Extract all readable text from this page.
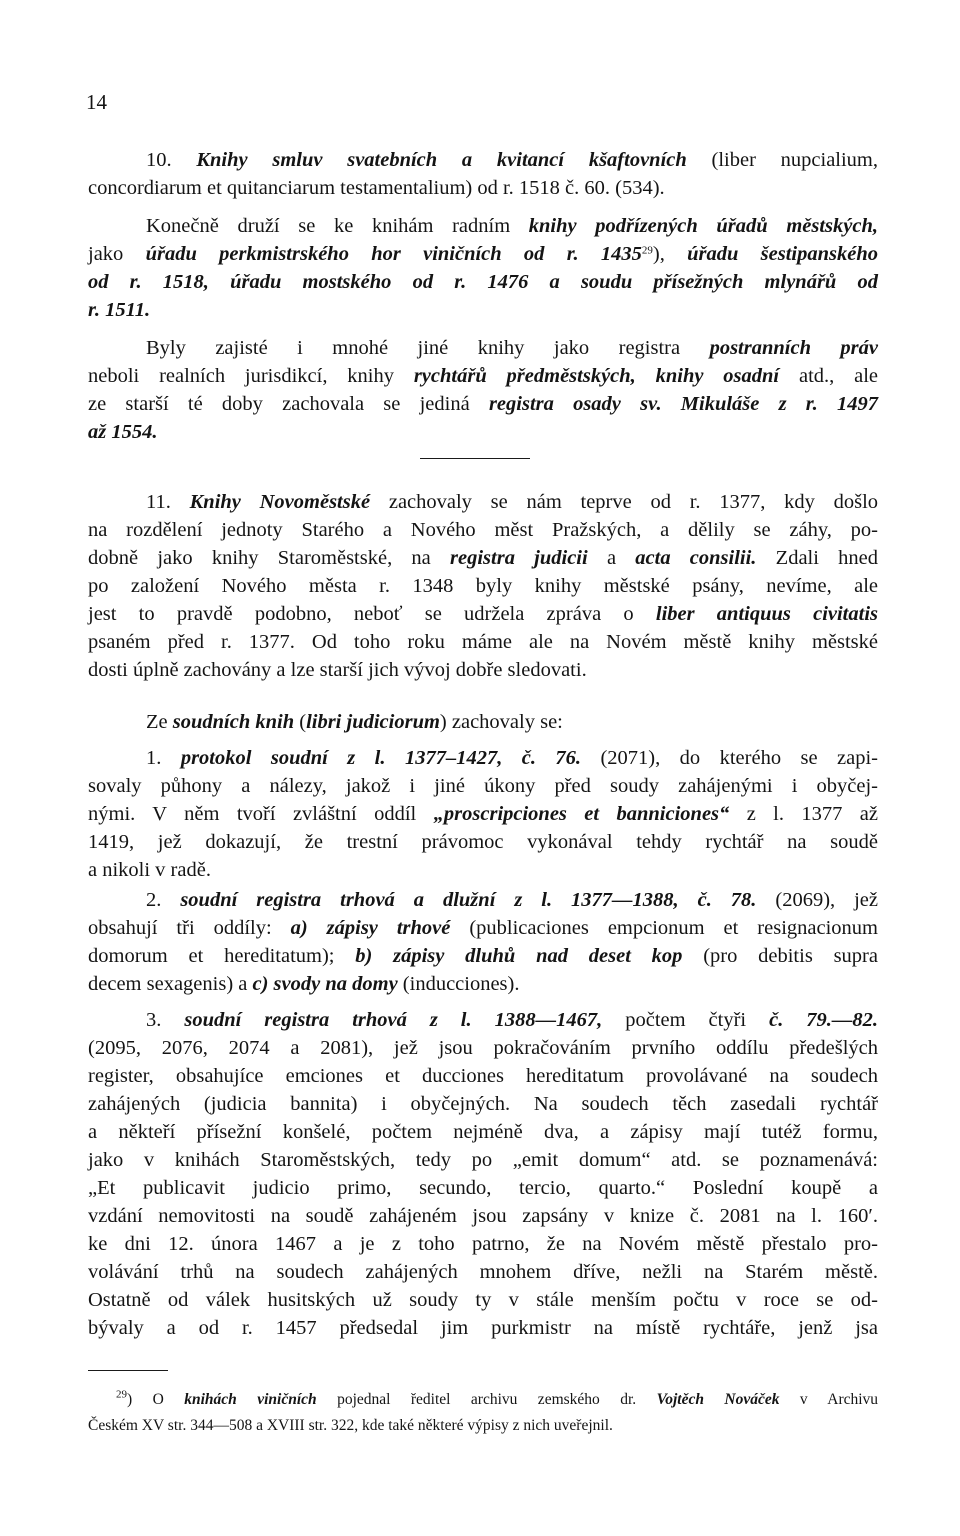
14
10. Knihy smluv svatebních a kvitancí kšaftovních (liber nupcialium,
concordiarum et quitanciarum testamentalium) od r. 1518 č. 60. (534).
Konečně druží se ke knihám radním knihy podřízených úřadů městských,
jako úřadu perkmistrského hor viničních od r. 1435$^{29}$), úřadu šestipanského
od r. 1518, úřadu mostského od r. 1476 a soudu přísežných mlynářů od
r. 1511.
Byly zajisté i mnohé jiné knihy jako registra postranních práv
neboli realních jurisdikcí, knihy rychtářů předměstských, knihy osadní atd., ale
ze starší té doby zachovala se jediná registra osady sv. Mikuláše z r. 1497
až 1554.
11. Knihy Novoměstské zachovaly se nám teprve od r. 1377, kdy došlo
na rozdělení jednoty Starého a Nového měst Pražských, a dělily se záhy, po-
dobně jako knihy Staroměstské, na registra judicii a acta consilii. Zdali hned
po založení Nového města r. 1348 byly knihy městské psány, nevíme, ale
jest to pravdě podobno, neboť se udržela zpráva o liber antiquus civitatis
psaném před r. 1377. Od toho roku máme ale na Novém městě knihy městské
dosti úplně zachovány a lze starší jich vývoj dobře sledovati.
Ze soudních knih (libri judiciorum) zachovaly se:
1. protokol soudní z l. 1377–1427, č. 76. (2071), do kterého se zapi-
sovaly půhony a nálezy, jakož i jiné úkony před soudy zahájenými i obyčej-
nými. V něm tvoří zvláštní oddíl „proscripciones et banniciones“ z l. 1377 až
1419, jež dokazují, že trestní právomoc vykonával tehdy rychtář na soudě
a nikoli v radě.
2. soudní registra trhová a dlužní z l. 1377—1388, č. 78. (2069), jež
obsahují tři oddíly: a) zápisy trhové (publicaciones empcionum et resignacionum
domorum et hereditatum); b) zápisy dluhů nad deset kop (pro debitis supra
decem sexagenis) a c) svody na domy (inducciones).
3. soudní registra trhová z l. 1388—1467, počtem čtyři č. 79.—82.
(2095, 2076, 2074 a 2081), jež jsou pokračováním prvního oddílu předešlých
register, obsahujíce emciones et ducciones hereditatum provolávané na soudech
zahájených (judicia bannita) i obyčejných. Na soudech těch zasedali rychtář
a někteří přísežní konšelé, počtem nejméně dva, a zápisy mají tutéž formu,
jako v knihách Staroměstských, tedy po „emit domum“ atd. se poznamenává:
„Et publicavit judicio primo, secundo, tercio, quarto.“ Poslední koupě a
vzdání nemovitosti na soudě zahájeném jsou zapsány v knize č. 2081 na l. 160′.
ke dni 12. února 1467 a je z toho patrno, že na Novém městě přestalo pro-
volávání trhů na soudech zahájených mnohem dříve, nežli na Starém městě.
Ostatně od válek husitských už soudy ty v stále menším počtu v roce se od-
bývaly a od r. 1457 předsedal jim purkmistr na místě rychtáře, jenž jsa
$^{29}$) O knihách viničních pojednal ředitel archivu zemského dr. Vojtěch Nováček v Archivu
Českém XV str. 344—508 a XVIII str. 322, kde také některé výpisy z nich uveřejnil.
